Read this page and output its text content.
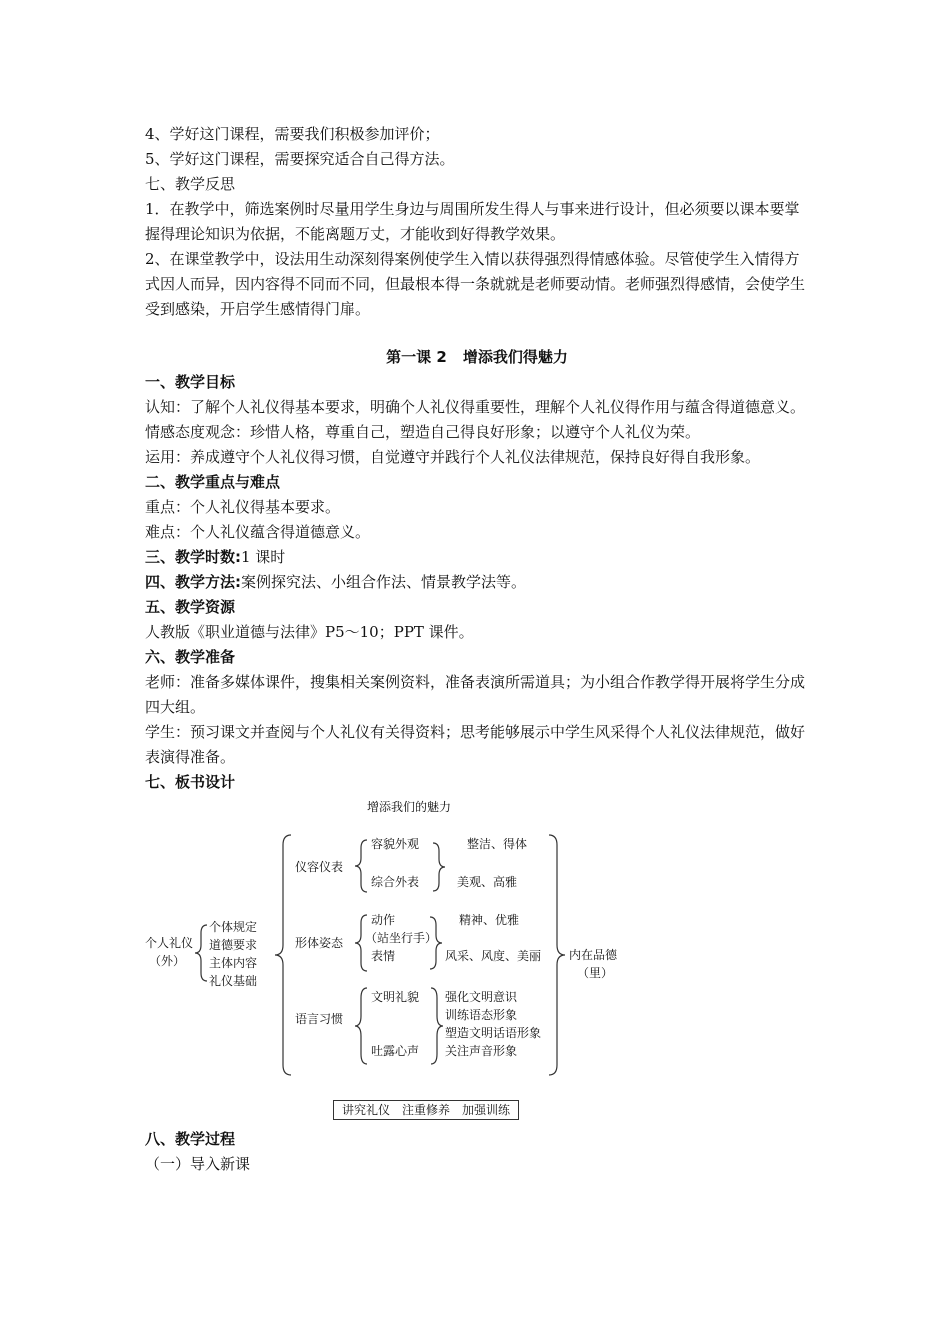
4、学好这门课程，需要我们积极参加评价；

5、学好这门课程，需要探究适合自己得方法。

七、教学反思

1．在教学中，筛选案例时尽量用学生身边与周围所发生得人与事来进行设计，但必须要以课本要掌握得理论知识为依据，不能离题万丈，才能收到好得教学效果。

2、在课堂教学中，设法用生动深刻得案例使学生入情以获得强烈得情感体验。尽管使学生入情得方式因人而异，因内容得不同而不同，但最根本得一条就就是老师要动情。老师强烈得感情，会使学生受到感染，开启学生感情得门扉。

第一课 2 增添我们得魅力

一、教学目标

认知：了解个人礼仪得基本要求，明确个人礼仪得重要性，理解个人礼仪得作用与蕴含得道德意义。

情感态度观念：珍惜人格，尊重自己，塑造自己得良好形象；以遵守个人礼仪为荣。

运用：养成遵守个人礼仪得习惯，自觉遵守并践行个人礼仪法律规范，保持良好得自我形象。

二、教学重点与难点

重点：个人礼仪得基本要求。

难点：个人礼仪蕴含得道德意义。

三、教学时数:1 课时

四、教学方法:案例探究法、小组合作法、情景教学法等。

五、教学资源

人教版《职业道德与法律》P5～10；PPT 课件。

六、教学准备

老师：准备多媒体课件，搜集相关案例资料，准备表演所需道具；为小组合作教学得开展将学生分成四大组。

学生：预习课文并查阅与个人礼仪有关得资料；思考能够展示中学生风采得个人礼仪法律规范，做好表演得准备。

七、板书设计

增添我们的魅力
个人礼仪
（外）
个体规定
道德要求
主体内容
礼仪基础
仪容仪表
容貌外观
综合外表
整洁、得体
美观、高雅
形体姿态
动作
（站坐行手）
表情
精神、优雅
风采、风度、美丽
语言习惯
文明礼貌
吐露心声
强化文明意识
训练语态形象
塑造文明话语形象
关注声音形象
内在品德
（里）
讲究礼仪　注重修养　加强训练

八、教学过程

（一）导入新课
